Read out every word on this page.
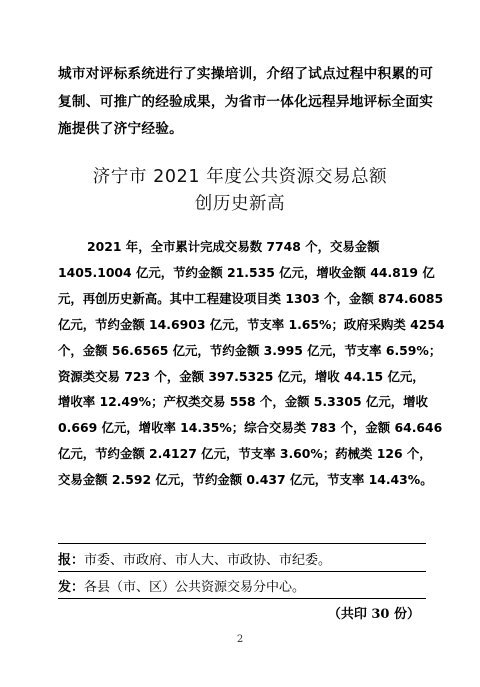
城市对评标系统进行了实操培训，介绍了试点过程中积累的可
复制、可推广的经验成果，为省市一体化远程异地评标全面实
施提供了济宁经验。
济宁市 2021 年度公共资源交易总额
创历史新高
2021 年，全市累计完成交易数 7748 个，交易金额
1405.1004 亿元，节约金额 21.535 亿元，增收金额 44.819 亿
元，再创历史新高。其中工程建设项目类 1303 个，金额 874.6085
亿元，节约金额 14.6903 亿元，节支率 1.65%；政府采购类 4254
个，金额 56.6565 亿元，节约金额 3.995 亿元，节支率 6.59%；
资源类交易 723 个，金额 397.5325 亿元，增收 44.15 亿元，
增收率 12.49%；产权类交易 558 个，金额 5.3305 亿元，增收
0.669 亿元，增收率 14.35%；综合交易类 783 个，金额 64.646
亿元，节约金额 2.4127 亿元，节支率 3.60%；药械类 126 个，
交易金额 2.592 亿元，节约金额 0.437 亿元，节支率 14.43%。
报：市委、市政府、市人大、市政协、市纪委。
发：各县（市、区）公共资源交易分中心。
（共印 30 份）
2
